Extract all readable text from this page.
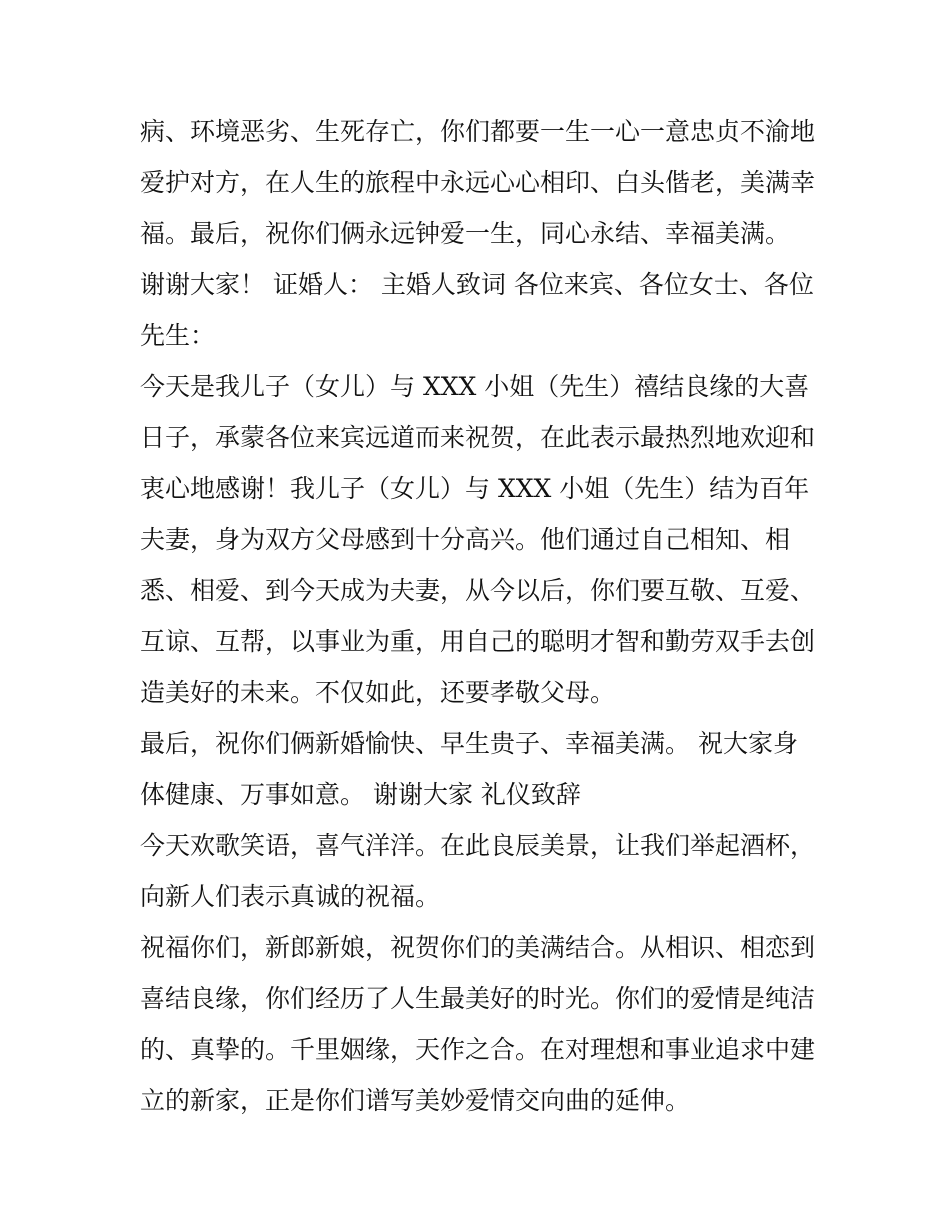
病、环境恶劣、生死存亡，你们都要一生一心一意忠贞不渝地
爱护对方，在人生的旅程中永远心心相印、白头偕老，美满幸
福。最后，祝你们俩永远钟爱一生，同心永结、幸福美满。
谢谢大家！ 证婚人： 主婚人致词 各位来宾、各位女士、各位
先生：
今天是我儿子（女儿）与 XXX 小姐（先生）禧结良缘的大喜
日子，承蒙各位来宾远道而来祝贺，在此表示最热烈地欢迎和
衷心地感谢！我儿子（女儿）与 XXX 小姐（先生）结为百年
夫妻，身为双方父母感到十分高兴。他们通过自己相知、相
悉、相爱、到今天成为夫妻，从今以后，你们要互敬、互爱、
互谅、互帮，以事业为重，用自己的聪明才智和勤劳双手去创
造美好的未来。不仅如此，还要孝敬父母。
最后，祝你们俩新婚愉快、早生贵子、幸福美满。 祝大家身
体健康、万事如意。 谢谢大家 礼仪致辞
今天欢歌笑语，喜气洋洋。在此良辰美景，让我们举起酒杯，
向新人们表示真诚的祝福。
祝福你们，新郎新娘，祝贺你们的美满结合。从相识、相恋到
喜结良缘，你们经历了人生最美好的时光。你们的爱情是纯洁
的、真挚的。千里姻缘，天作之合。在对理想和事业追求中建
立的新家，正是你们谱写美妙爱情交向曲的延伸。
